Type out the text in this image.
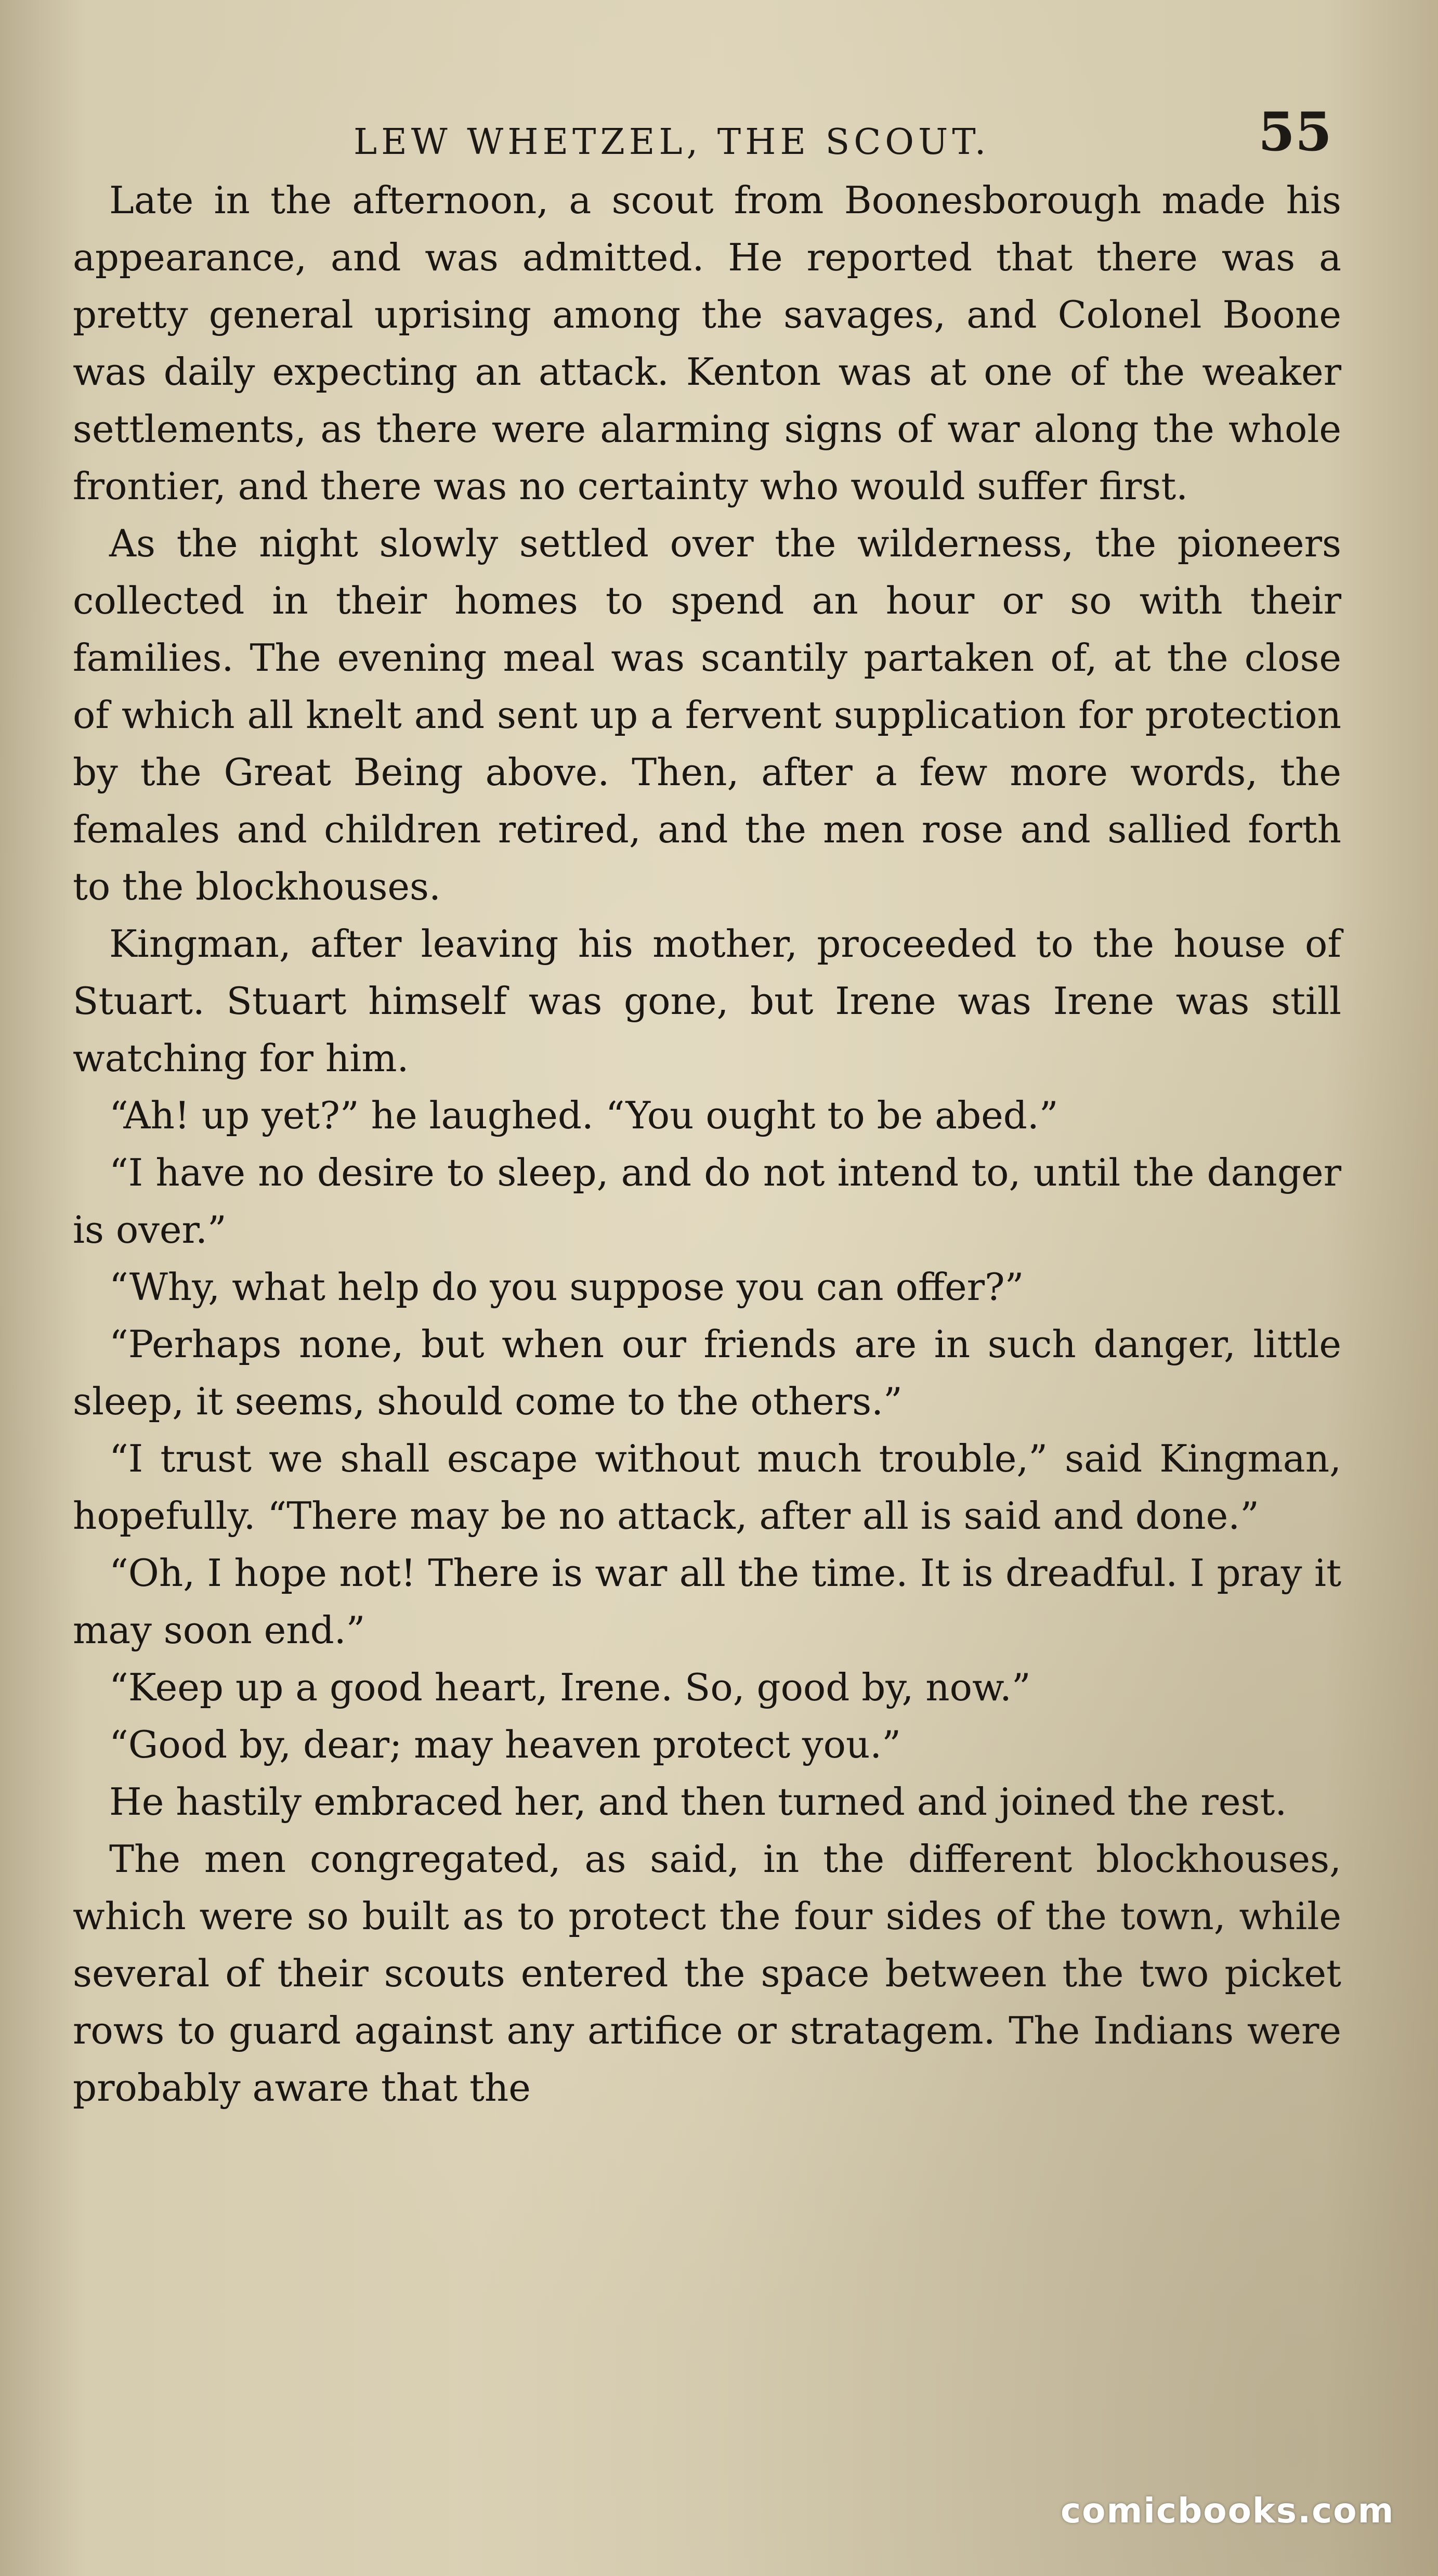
LEW WHETZEL, THE SCOUT.	55

Late in the afternoon, a scout from Boonesborough made his appearance, and was admitted. He reported that there was a pretty general uprising among the savages, and Colonel Boone was daily expecting an attack. Kenton was at one of the weaker settlements, as there were alarming signs of war along the whole frontier, and there was no certainty who would suffer first.

As the night slowly settled over the wilderness, the pioneers collected in their homes to spend an hour or so with their families. The evening meal was scantily partaken of, at the close of which all knelt and sent up a fervent supplication for protection by the Great Being above. Then, after a few more words, the females and children retired, and the men rose and sallied forth to the blockhouses.

Kingman, after leaving his mother, proceeded to the house of Stuart. Stuart himself was gone, but Irene was Irene was still watching for him.

“Ah! up yet?” he laughed. “You ought to be abed.”

“I have no desire to sleep, and do not intend to, until the danger is over.”

“Why, what help do you suppose you can offer?”

“Perhaps none, but when our friends are in such danger, little sleep, it seems, should come to the others.”

“I trust we shall escape without much trouble,” said Kingman, hopefully. “There may be no attack, after all is said and done.”

“Oh, I hope not! There is war all the time. It is dreadful. I pray it may soon end.”

“Keep up a good heart, Irene. So, good by, now.”

“Good by, dear; may heaven protect you.”

He hastily embraced her, and then turned and joined the rest.

The men congregated, as said, in the different blockhouses, which were so built as to protect the four sides of the town, while several of their scouts entered the space between the two picket rows to guard against any artifice or stratagem. The Indians were probably aware that the

comicbooks.com
